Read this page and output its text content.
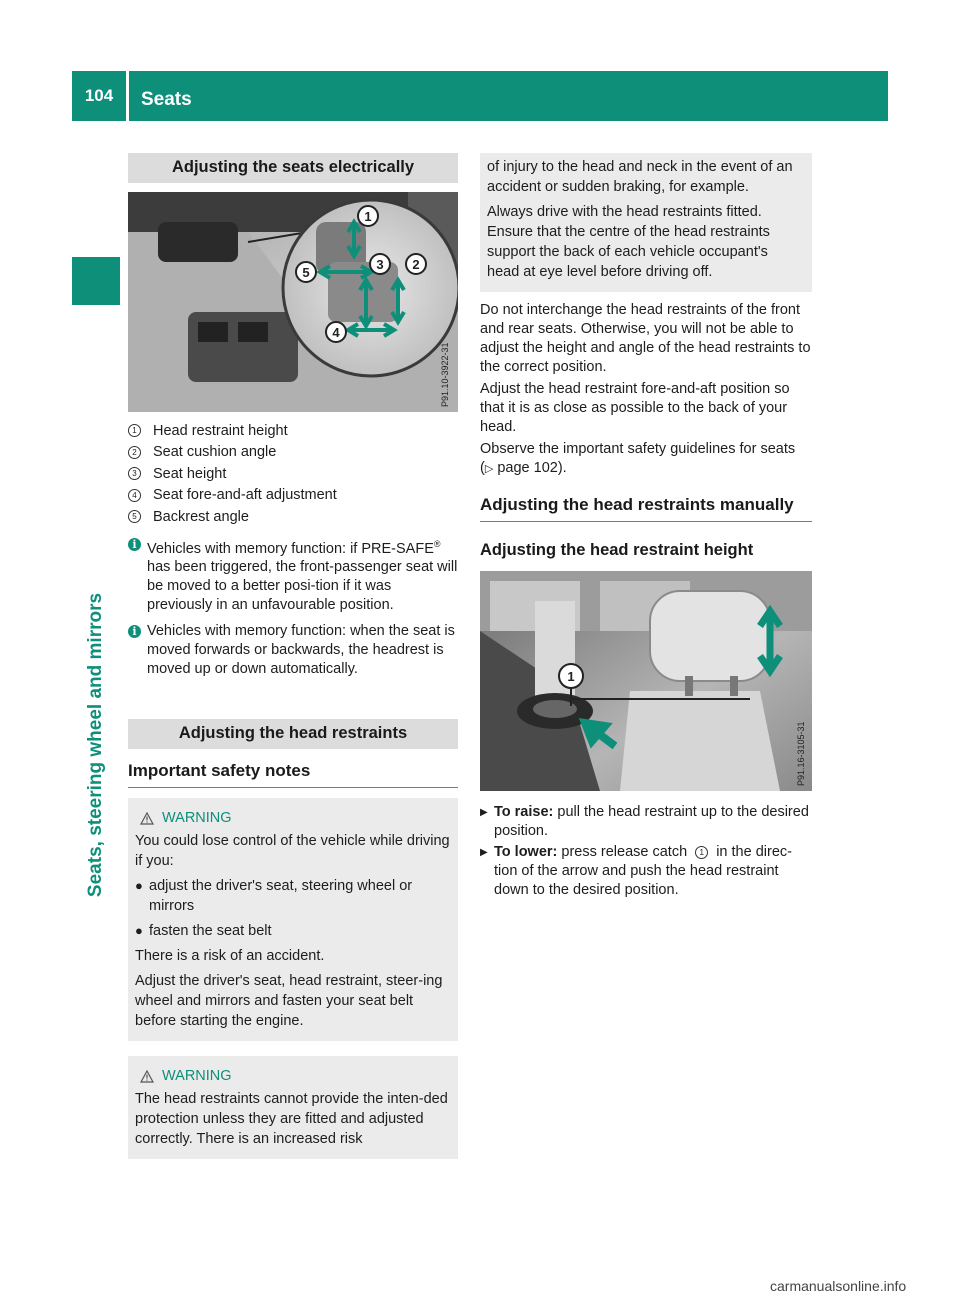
104	Seats
Seats, steering wheel and mirrors
Adjusting the seats electrically
1
2
3
4
5
P91.10-3922-31
1 Head restraint height
2 Seat cushion angle
3 Seat height
4 Seat fore-and-aft adjustment
5 Backrest angle
i Vehicles with memory function: if PRE-SAFE® has been triggered, the front-passenger seat will be moved to a better posi-tion if it was previously in an unfavourable position.
i Vehicles with memory function: when the seat is moved forwards or backwards, the headrest is moved up or down automatically.
Adjusting the head restraints
Important safety notes
WARNING

You could lose control of the vehicle while driving if you:

● adjust the driver's seat, steering wheel or mirrors
● fasten the seat belt

There is a risk of an accident.

Adjust the driver's seat, head restraint, steer-ing wheel and mirrors and fasten your seat belt before starting the engine.

WARNING

The head restraints cannot provide the inten-ded protection unless they are fitted and adjusted correctly. There is an increased risk

of injury to the head and neck in the event of an accident or sudden braking, for example.

Always drive with the head restraints fitted. Ensure that the centre of the head restraints support the back of each vehicle occupant's head at eye level before driving off.

Do not interchange the head restraints of the front and rear seats. Otherwise, you will not be able to adjust the height and angle of the head restraints to the correct position.

Adjust the head restraint fore-and-aft position so that it is as close as possible to the back of your head.

Observe the important safety guidelines for seats (▷ page 102).

Adjusting the head restraints manually
Adjusting the head restraint height
1
P91.16-3105-31
▶ To raise: pull the head restraint up to the desired position.
▶ To lower: press release catch 1 in the direc-tion of the arrow and push the head restraint down to the desired position.
carmanualsonline.info
